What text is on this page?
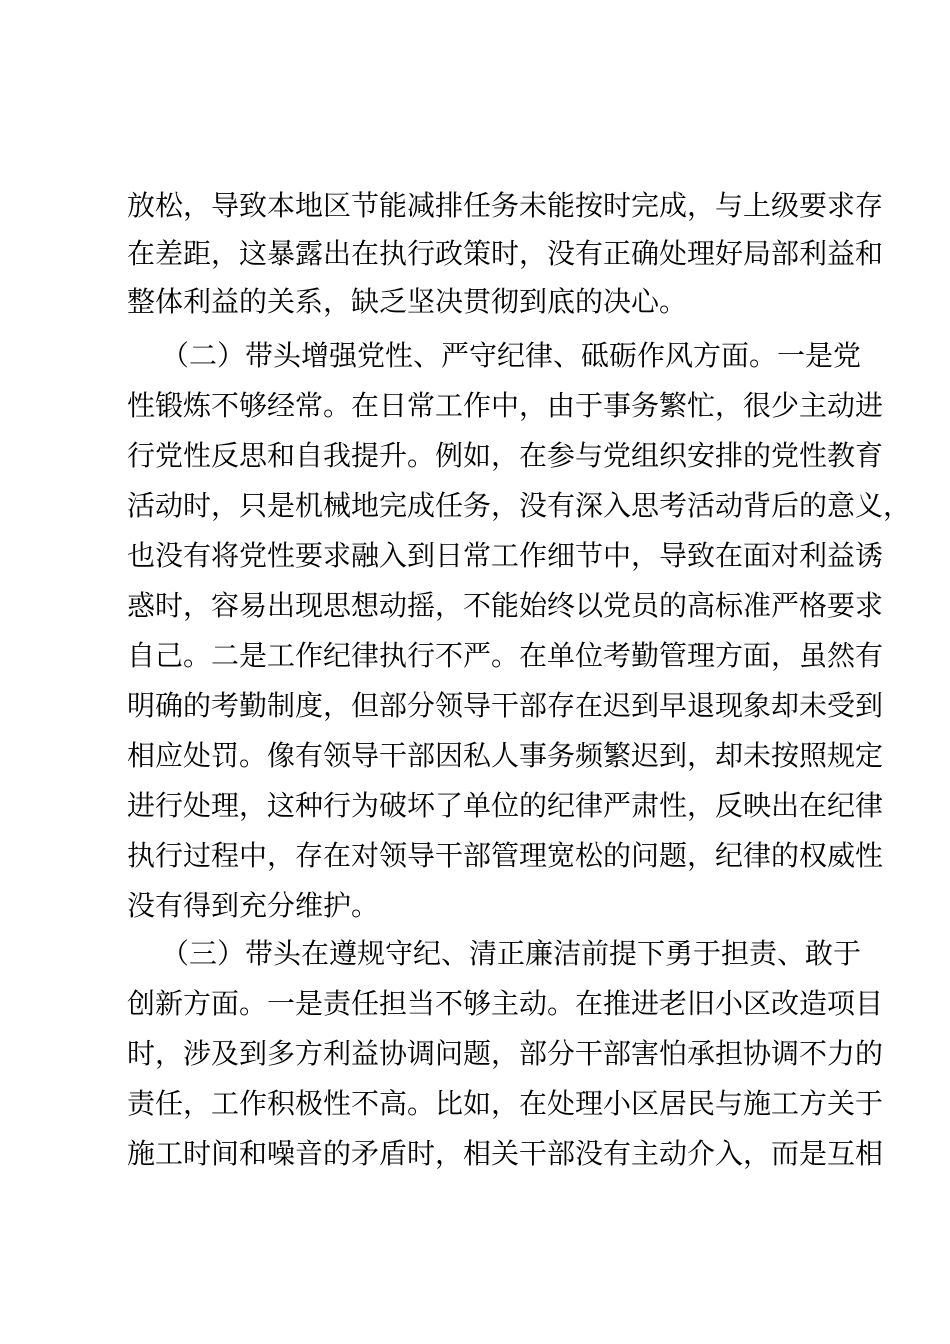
放松，导致本地区节能减排任务未能按时完成，与上级要求存
在差距，这暴露出在执行政策时，没有正确处理好局部利益和
整体利益的关系，缺乏坚决贯彻到底的决心。
（二）带头增强党性、严守纪律、砥砺作风方面。一是党
性锻炼不够经常。在日常工作中，由于事务繁忙，很少主动进
行党性反思和自我提升。例如，在参与党组织安排的党性教育
活动时，只是机械地完成任务，没有深入思考活动背后的意义，
也没有将党性要求融入到日常工作细节中，导致在面对利益诱
惑时，容易出现思想动摇，不能始终以党员的高标准严格要求
自己。二是工作纪律执行不严。在单位考勤管理方面，虽然有
明确的考勤制度，但部分领导干部存在迟到早退现象却未受到
相应处罚。像有领导干部因私人事务频繁迟到，却未按照规定
进行处理，这种行为破坏了单位的纪律严肃性，反映出在纪律
执行过程中，存在对领导干部管理宽松的问题，纪律的权威性
没有得到充分维护。
（三）带头在遵规守纪、清正廉洁前提下勇于担责、敢于
创新方面。一是责任担当不够主动。在推进老旧小区改造项目
时，涉及到多方利益协调问题，部分干部害怕承担协调不力的
责任，工作积极性不高。比如，在处理小区居民与施工方关于
施工时间和噪音的矛盾时，相关干部没有主动介入，而是互相
